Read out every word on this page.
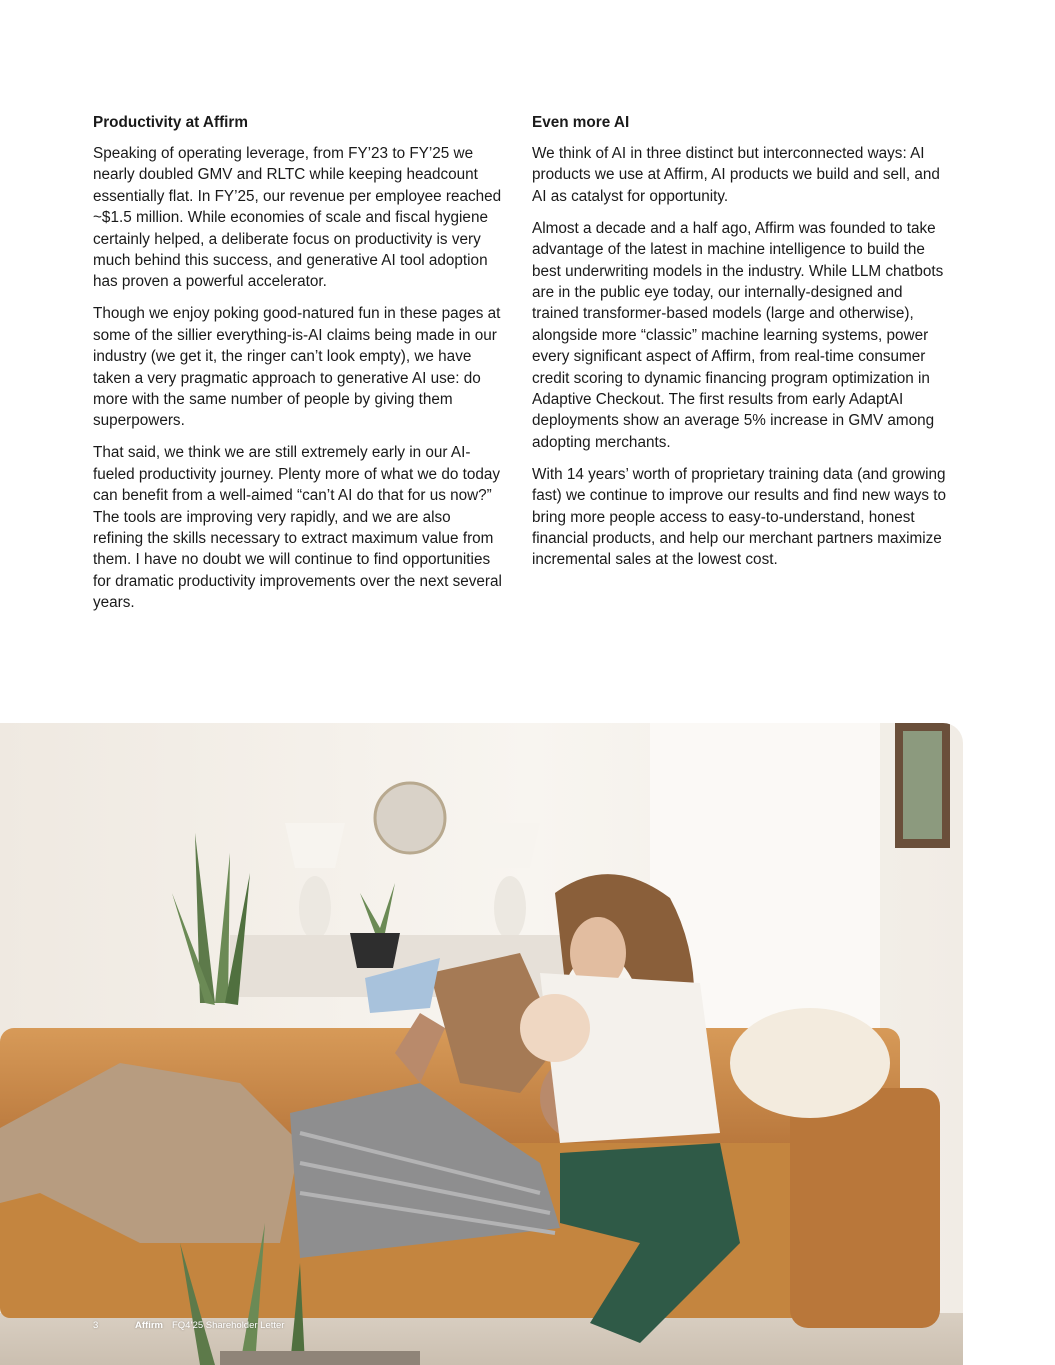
Productivity at Affirm

Speaking of operating leverage, from FY’23 to FY’25 we nearly doubled GMV and RLTC while keeping headcount essentially flat. In FY’25, our revenue per employee reached ~$1.5 million. While economies of scale and fiscal hygiene certainly helped, a deliberate focus on productivity is very much behind this success, and generative AI tool adoption has proven a powerful accelerator.

Though we enjoy poking good-natured fun in these pages at some of the sillier everything-is-AI claims being made in our industry (we get it, the ringer can’t look empty), we have taken a very pragmatic approach to generative AI use: do more with the same number of people by giving them superpowers.

That said, we think we are still extremely early in our AI-fueled productivity journey. Plenty more of what we do today can benefit from a well-aimed “can’t AI do that for us now?” The tools are improving very rapidly, and we are also refining the skills necessary to extract maximum value from them. I have no doubt we will continue to find opportunities for dramatic productivity improvements over the next several years.

Even more AI

We think of AI in three distinct but interconnected ways: AI products we use at Affirm, AI products we build and sell, and AI as catalyst for opportunity.

Almost a decade and a half ago, Affirm was founded to take advantage of the latest in machine intelligence to build the best underwriting models in the industry. While LLM chatbots are in the public eye today, our internally-designed and trained transformer-based models (large and otherwise), alongside more “classic” machine learning systems, power every significant aspect of Affirm, from real-time consumer credit scoring to dynamic financing program optimization in Adaptive Checkout. The first results from early AdaptAI deployments show an average 5% increase in GMV among adopting merchants.

With 14 years’ worth of proprietary training data (and growing fast) we continue to improve our results and find new ways to bring more people access to easy-to-understand, honest financial products, and help our merchant partners maximize incremental sales at the lowest cost.

3	Affirm FQ4’25 Shareholder Letter
